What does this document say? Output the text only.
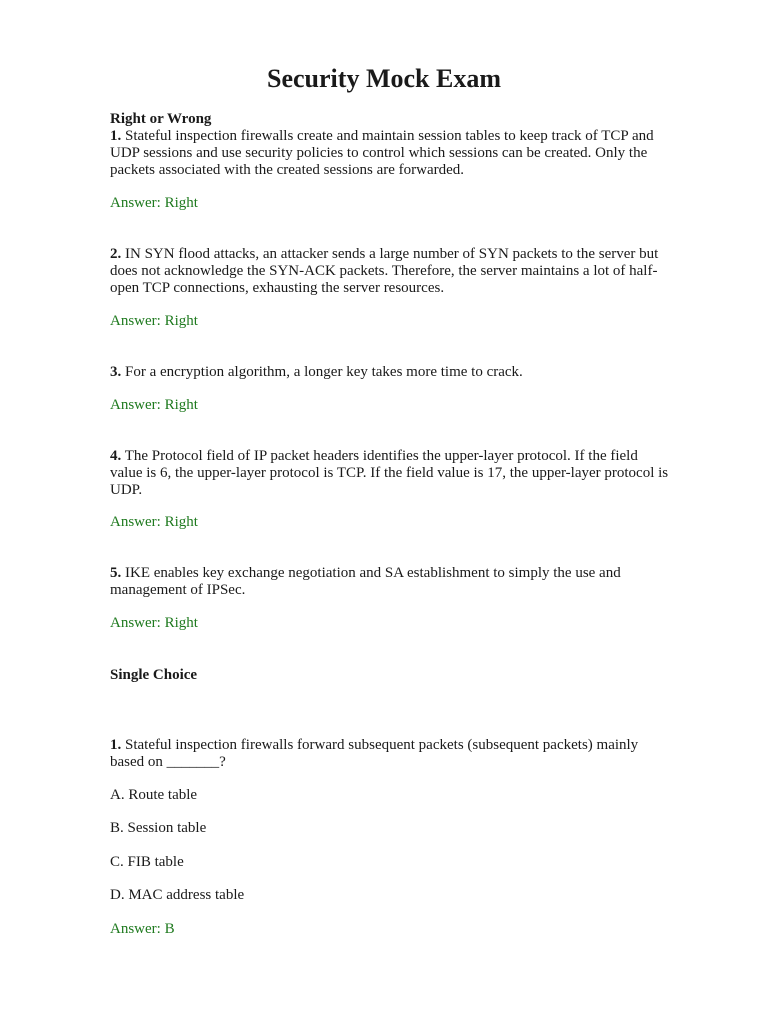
Security Mock Exam
Right or Wrong

1. Stateful inspection firewalls create and maintain session tables to keep track of TCP and UDP sessions and use security policies to control which sessions can be created. Only the packets associated with the created sessions are forwarded.

Answer: Right

2. IN SYN flood attacks, an attacker sends a large number of SYN packets to the server but does not acknowledge the SYN-ACK packets. Therefore, the server maintains a lot of half-open TCP connections, exhausting the server resources.

Answer: Right

3. For a encryption algorithm, a longer key takes more time to crack.

Answer: Right

4. The Protocol field of IP packet headers identifies the upper-layer protocol. If the field value is 6, the upper-layer protocol is TCP. If the field value is 17, the upper-layer protocol is UDP.

Answer: Right

5. IKE enables key exchange negotiation and SA establishment to simply the use and management of IPSec.

Answer: Right

Single Choice

1. Stateful inspection firewalls forward subsequent packets (subsequent packets) mainly based on _______?

A. Route table

B. Session table

C. FIB table

D. MAC address table

Answer: B
